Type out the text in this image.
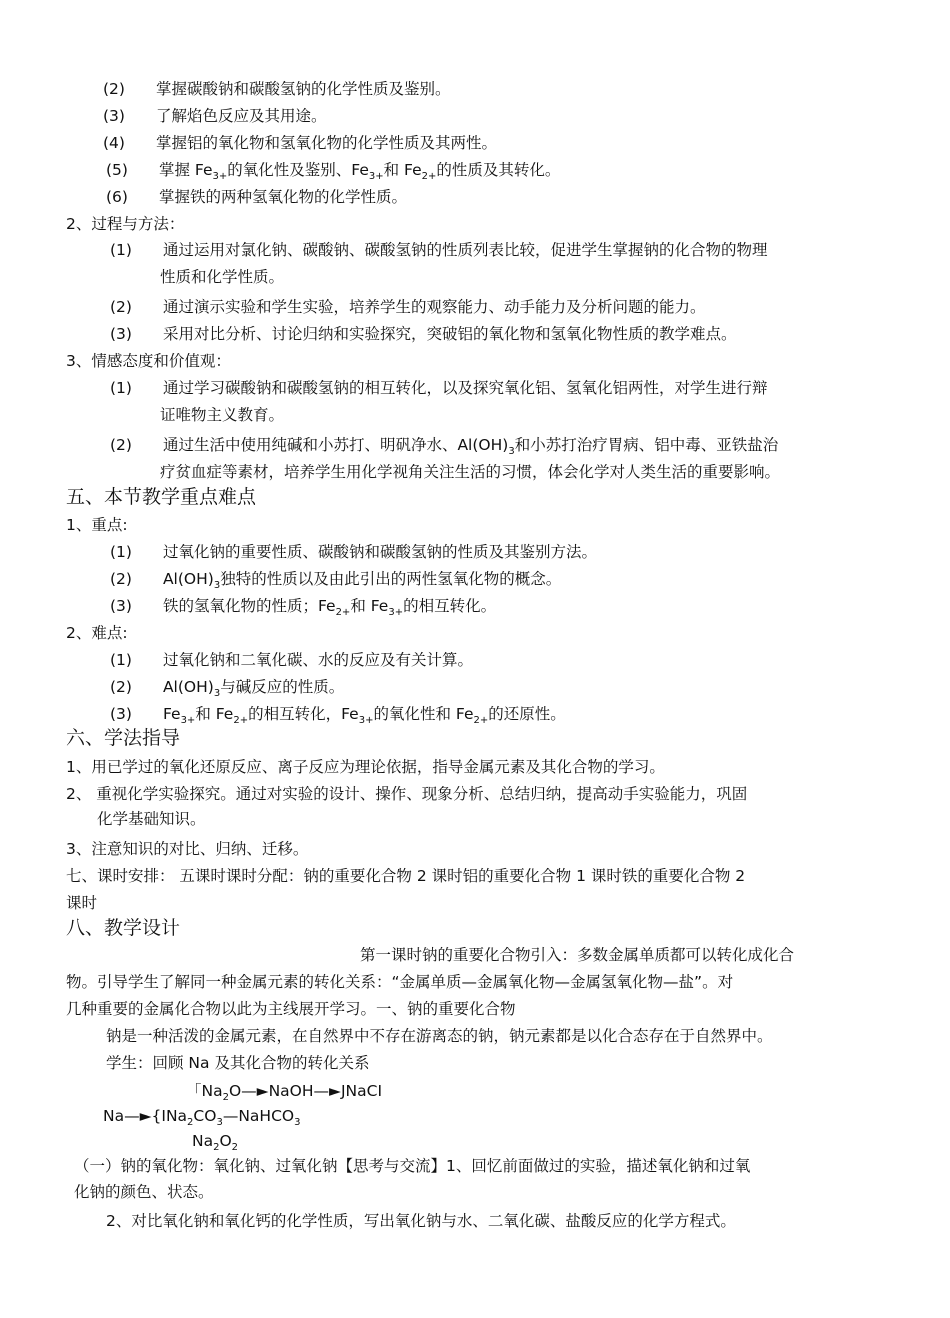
(2)　　掌握碳酸钠和碳酸氢钠的化学性质及鉴别。
(3)　　了解焰色反应及其用途。
(4)　　掌握铝的氧化物和氢氧化物的化学性质及其两性。
(5)　　掌握 $Fe_{3+}$的氧化性及鉴别、$Fe_{3+}$和 $Fe_{2+}$的性质及其转化。
(6)　　掌握铁的两种氢氧化物的化学性质。
2、过程与方法：
(1)　　通过运用对氯化钠、碳酸钠、碳酸氢钠的性质列表比较，促进学生掌握钠的化合物的物理
性质和化学性质。
(2)　　通过演示实验和学生实验，培养学生的观察能力、动手能力及分析问题的能力。
(3)　　采用对比分析、讨论归纳和实验探究，突破铝的氧化物和氢氧化物性质的教学难点。
3、情感态度和价值观：
(1)　　通过学习碳酸钠和碳酸氢钠的相互转化，以及探究氧化铝、氢氧化铝两性，对学生进行辩
证唯物主义教育。
(2)　　通过生活中使用纯碱和小苏打、明矾净水、$Al(OH)_3$和小苏打治疗胃病、铝中毒、亚铁盐治
疗贫血症等素材，培养学生用化学视角关注生活的习惯，体会化学对人类生活的重要影响。
五、本节教学重点难点
1、重点:
(1)　　过氧化钠的重要性质、碳酸钠和碳酸氢钠的性质及其鉴别方法。
(2)　　$Al(OH)_3$独特的性质以及由此引出的两性氢氧化物的概念。
(3)　　铁的氢氧化物的性质；$Fe_{2+}$和 $Fe_{3+}$的相互转化。
2、难点:
(1)　　过氧化钠和二氧化碳、水的反应及有关计算。
(2)　　$Al(OH)_3$与碱反应的性质。
(3)　　$Fe_{3+}$和 $Fe_{2+}$的相互转化，$Fe_{3+}$的氧化性和 $Fe_{2+}$的还原性。
六、学法指导
1、用已学过的氧化还原反应、离子反应为理论依据，指导金属元素及其化合物的学习。
2、 重视化学实验探究。通过对实验的设计、操作、现象分析、总结归纳，提高动手实验能力，巩固
化学基础知识。
3、注意知识的对比、归纳、迁移。
七、课时安排： 五课时课时分配：钠的重要化合物 2 课时铝的重要化合物 1 课时铁的重要化合物 2
课时
八、教学设计
第一课时钠的重要化合物引入：多数金属单质都可以转化成化合
物。引导学生了解同一种金属元素的转化关系：“金属单质—金属氧化物—金属氢氧化物—盐”。对
几种重要的金属化合物以此为主线展开学习。一、钠的重要化合物
钠是一种活泼的金属元素，在自然界中不存在游离态的钠，钠元素都是以化合态存在于自然界中。
学生：回顾 Na 及其化合物的转化关系
「$Na_2O—►NaOH—►JNaCI$
$Na—►\{INa_2CO_3—NaHCO_3$
$Na_2O_2$
（一）钠的氧化物：氧化钠、过氧化钠【思考与交流】1、回忆前面做过的实验，描述氧化钠和过氧
化钠的颜色、状态。
2、对比氧化钠和氧化钙的化学性质，写出氧化钠与水、二氧化碳、盐酸反应的化学方程式。
